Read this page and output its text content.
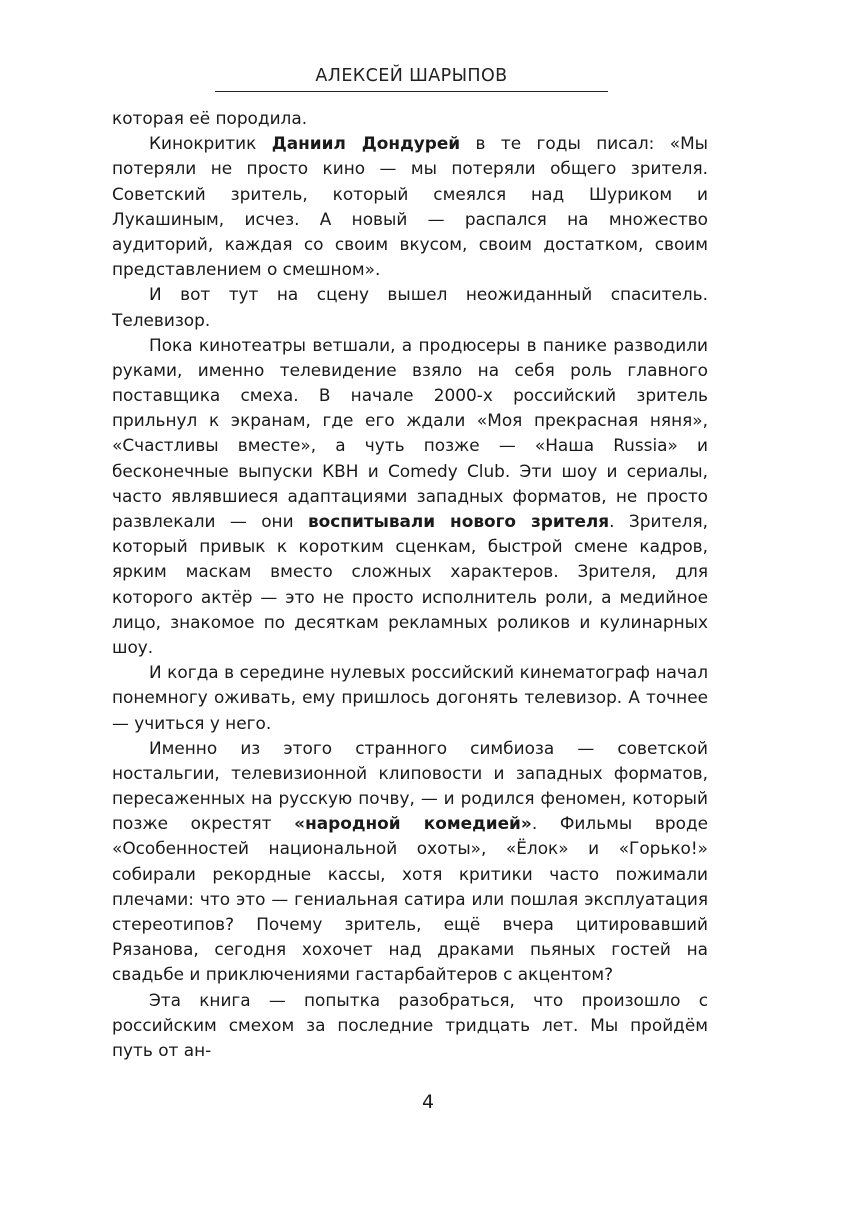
АЛЕКСЕЙ ШАРЫПОВ

которая её породила.

Кинокритик Даниил Дондурей в те годы писал: «Мы потеряли не просто кино — мы потеряли общего зрителя. Советский зритель, который смеялся над Шуриком и Лукашиным, исчез. А новый — распался на множество аудиторий, каждая со своим вкусом, своим достатком, своим представлением о смешном».

И вот тут на сцену вышел неожиданный спаситель. Телевизор.

Пока кинотеатры ветшали, а продюсеры в панике разводили руками, именно телевидение взяло на себя роль главного поставщика смеха. В начале 2000-х российский зритель прильнул к экранам, где его ждали «Моя прекрасная няня», «Счастливы вместе», а чуть позже — «Наша Russia» и бесконечные выпуски КВН и Comedy Club. Эти шоу и сериалы, часто являвшиеся адаптациями западных форматов, не просто развлекали — они воспитывали нового зрителя. Зрителя, который привык к коротким сценкам, быстрой смене кадров, ярким маскам вместо сложных характеров. Зрителя, для которого актёр — это не просто исполнитель роли, а медийное лицо, знакомое по десяткам рекламных роликов и кулинарных шоу.

И когда в середине нулевых российский кинематограф начал понемногу оживать, ему пришлось догонять телевизор. А точнее — учиться у него.

Именно из этого странного симбиоза — советской ностальгии, телевизионной клиповости и западных форматов, пересаженных на русскую почву, — и родился феномен, который позже окрестят «народной комедией». Фильмы вроде «Особенностей национальной охоты», «Ёлок» и «Горько!» собирали рекордные кассы, хотя критики часто пожимали плечами: что это — гениальная сатира или пошлая эксплуатация стереотипов? Почему зритель, ещё вчера цитировавший Рязанова, сегодня хохочет над драками пьяных гостей на свадьбе и приключениями гастарбайтеров с акцентом?

Эта книга — попытка разобраться, что произошло с российским смехом за последние тридцать лет. Мы пройдём путь от ан-

4
